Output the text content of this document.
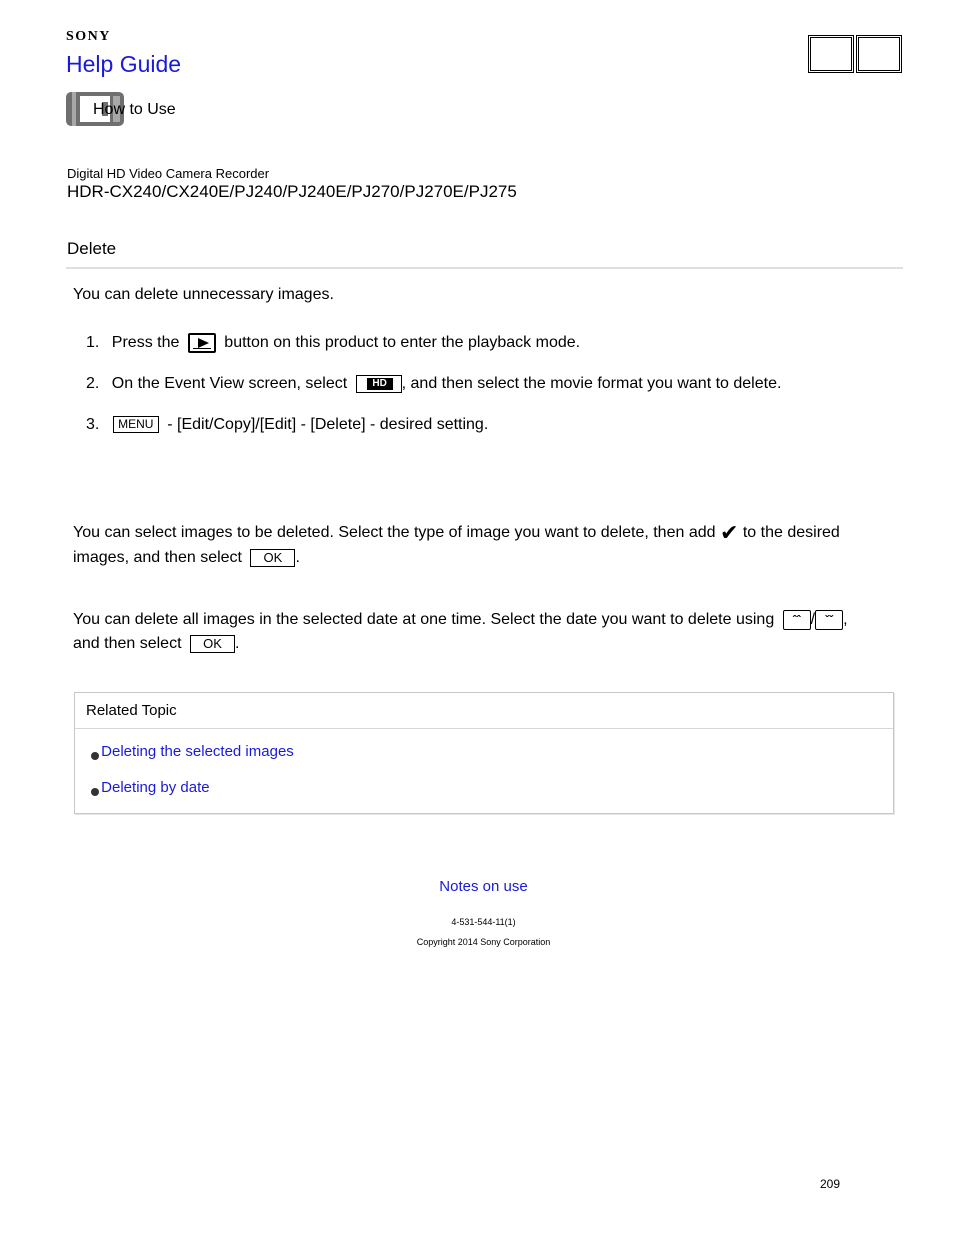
SONY
Help Guide
How to Use
Digital HD Video Camera Recorder
HDR-CX240/CX240E/PJ240/PJ240E/PJ270/PJ270E/PJ275
Delete
You can delete unnecessary images.
1. Press the	button on this product to enter the playback mode.
2. On the Event View screen, select	HD , and then select the movie format you want to delete.
3. MENU - [Edit/Copy]/[Edit] - [Delete] - desired setting.
You can select images to be deleted. Select the type of image you want to delete, then add ✔ to the desired
images, and then select OK .
You can delete all images in the selected date at one time. Select the date you want to delete using ˆˆ / ˇˇ ,
and then select OK .
Related Topic
Deleting the selected images
Deleting by date
Notes on use
4-531-544-11(1)
Copyright 2014 Sony Corporation
209
